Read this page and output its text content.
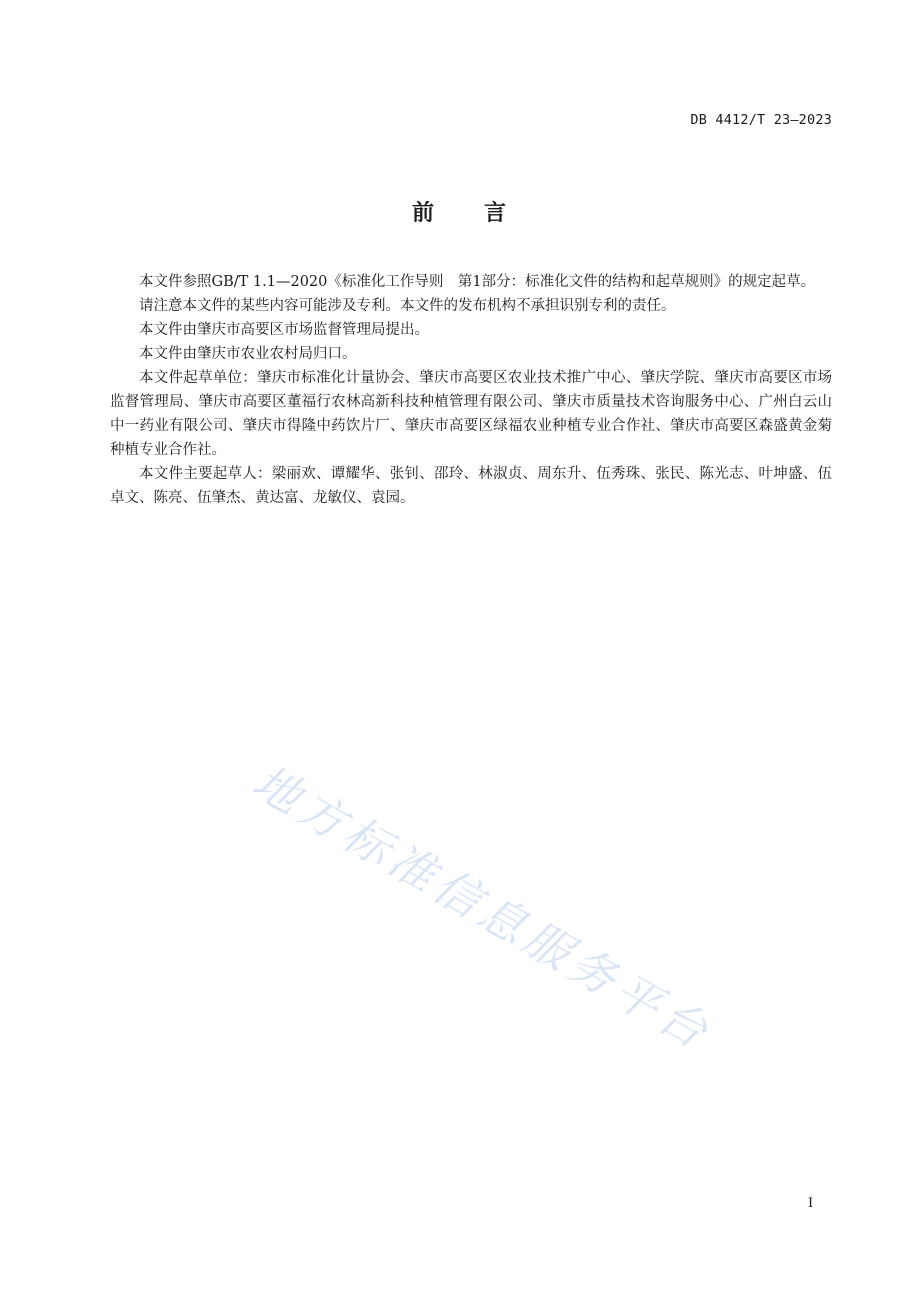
DB 4412/T 23—2023
前 言

本文件参照GB/T 1.1—2020《标准化工作导则　第1部分：标准化文件的结构和起草规则》的规定起草。

请注意本文件的某些内容可能涉及专利。本文件的发布机构不承担识别专利的责任。

本文件由肇庆市高要区市场监督管理局提出。

本文件由肇庆市农业农村局归口。

本文件起草单位：肇庆市标准化计量协会、肇庆市高要区农业技术推广中心、肇庆学院、肇庆市高要区市场监督管理局、肇庆市高要区董福行农林高新科技种植管理有限公司、肇庆市质量技术咨询服务中心、广州白云山中一药业有限公司、肇庆市得隆中药饮片厂、肇庆市高要区绿福农业种植专业合作社、肇庆市高要区森盛黄金菊种植专业合作社。

本文件主要起草人：梁丽欢、谭耀华、张钊、邵玲、林淑贞、周东升、伍秀珠、张民、陈光志、叶坤盛、伍卓文、陈亮、伍肇杰、黄达富、龙敏仪、袁园。

地方标准信息服务平台
I
